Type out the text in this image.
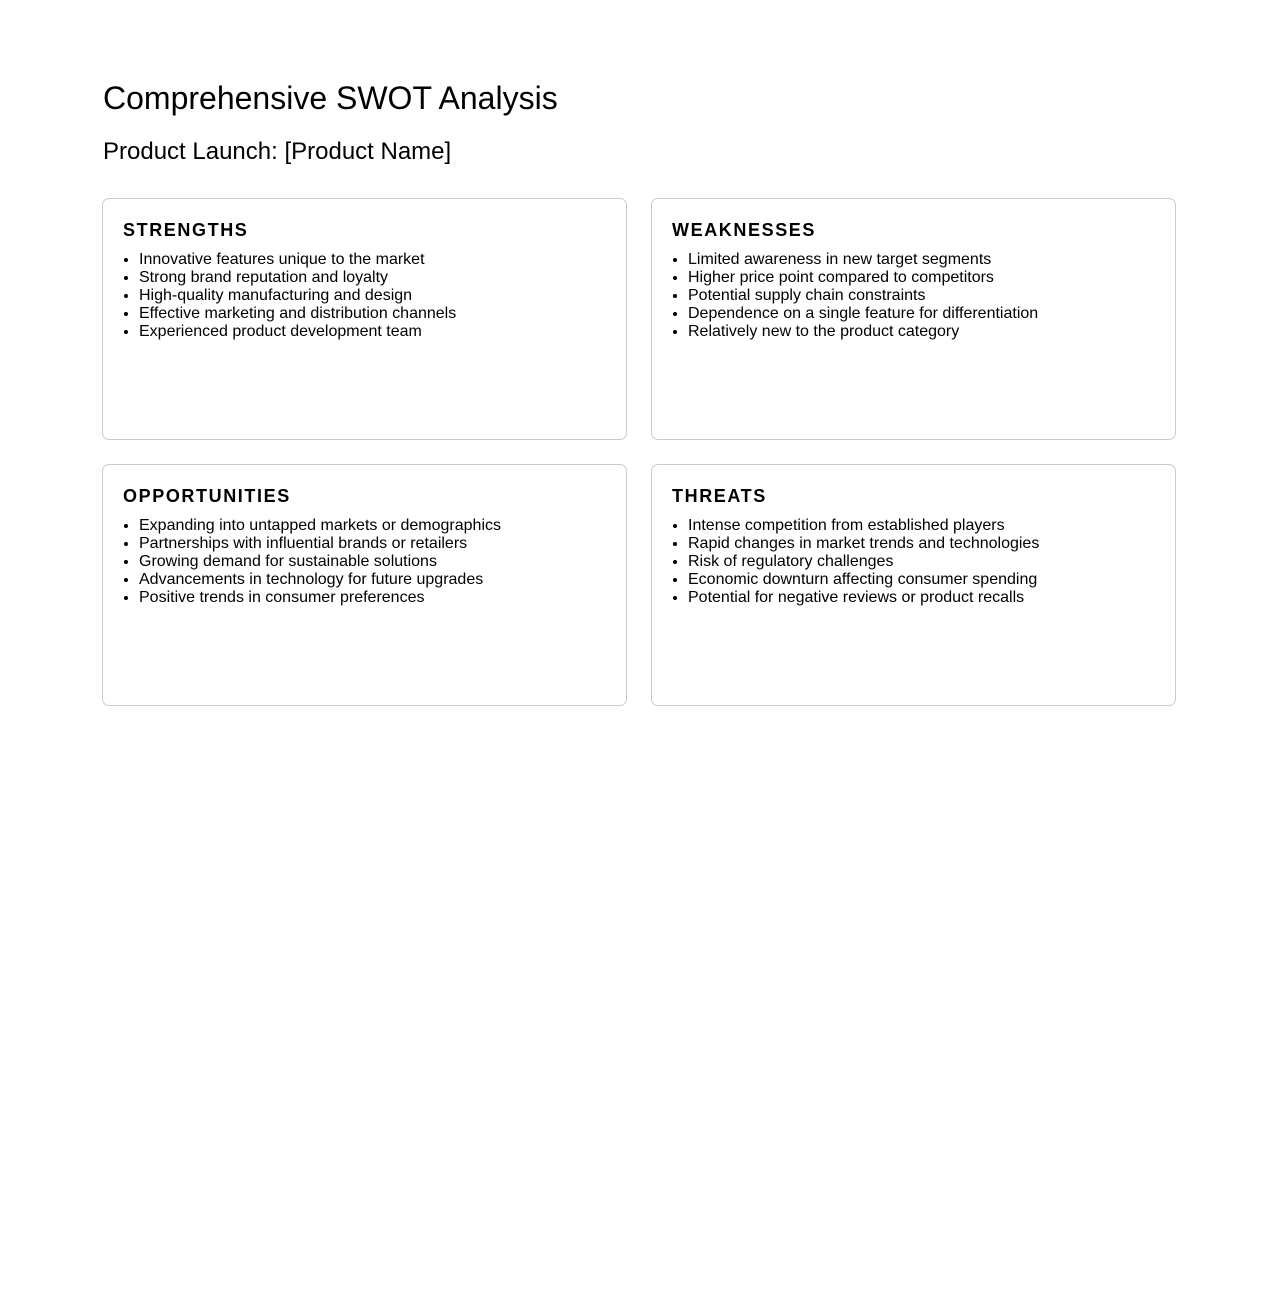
Comprehensive SWOT Analysis
Product Launch: [Product Name]
STRENGTHS
• Innovative features unique to the market
• Strong brand reputation and loyalty
• High-quality manufacturing and design
• Effective marketing and distribution channels
• Experienced product development team
WEAKNESSES
• Limited awareness in new target segments
• Higher price point compared to competitors
• Potential supply chain constraints
• Dependence on a single feature for differentiation
• Relatively new to the product category
OPPORTUNITIES
• Expanding into untapped markets or demographics
• Partnerships with influential brands or retailers
• Growing demand for sustainable solutions
• Advancements in technology for future upgrades
• Positive trends in consumer preferences
THREATS
• Intense competition from established players
• Rapid changes in market trends and technologies
• Risk of regulatory challenges
• Economic downturn affecting consumer spending
• Potential for negative reviews or product recalls
